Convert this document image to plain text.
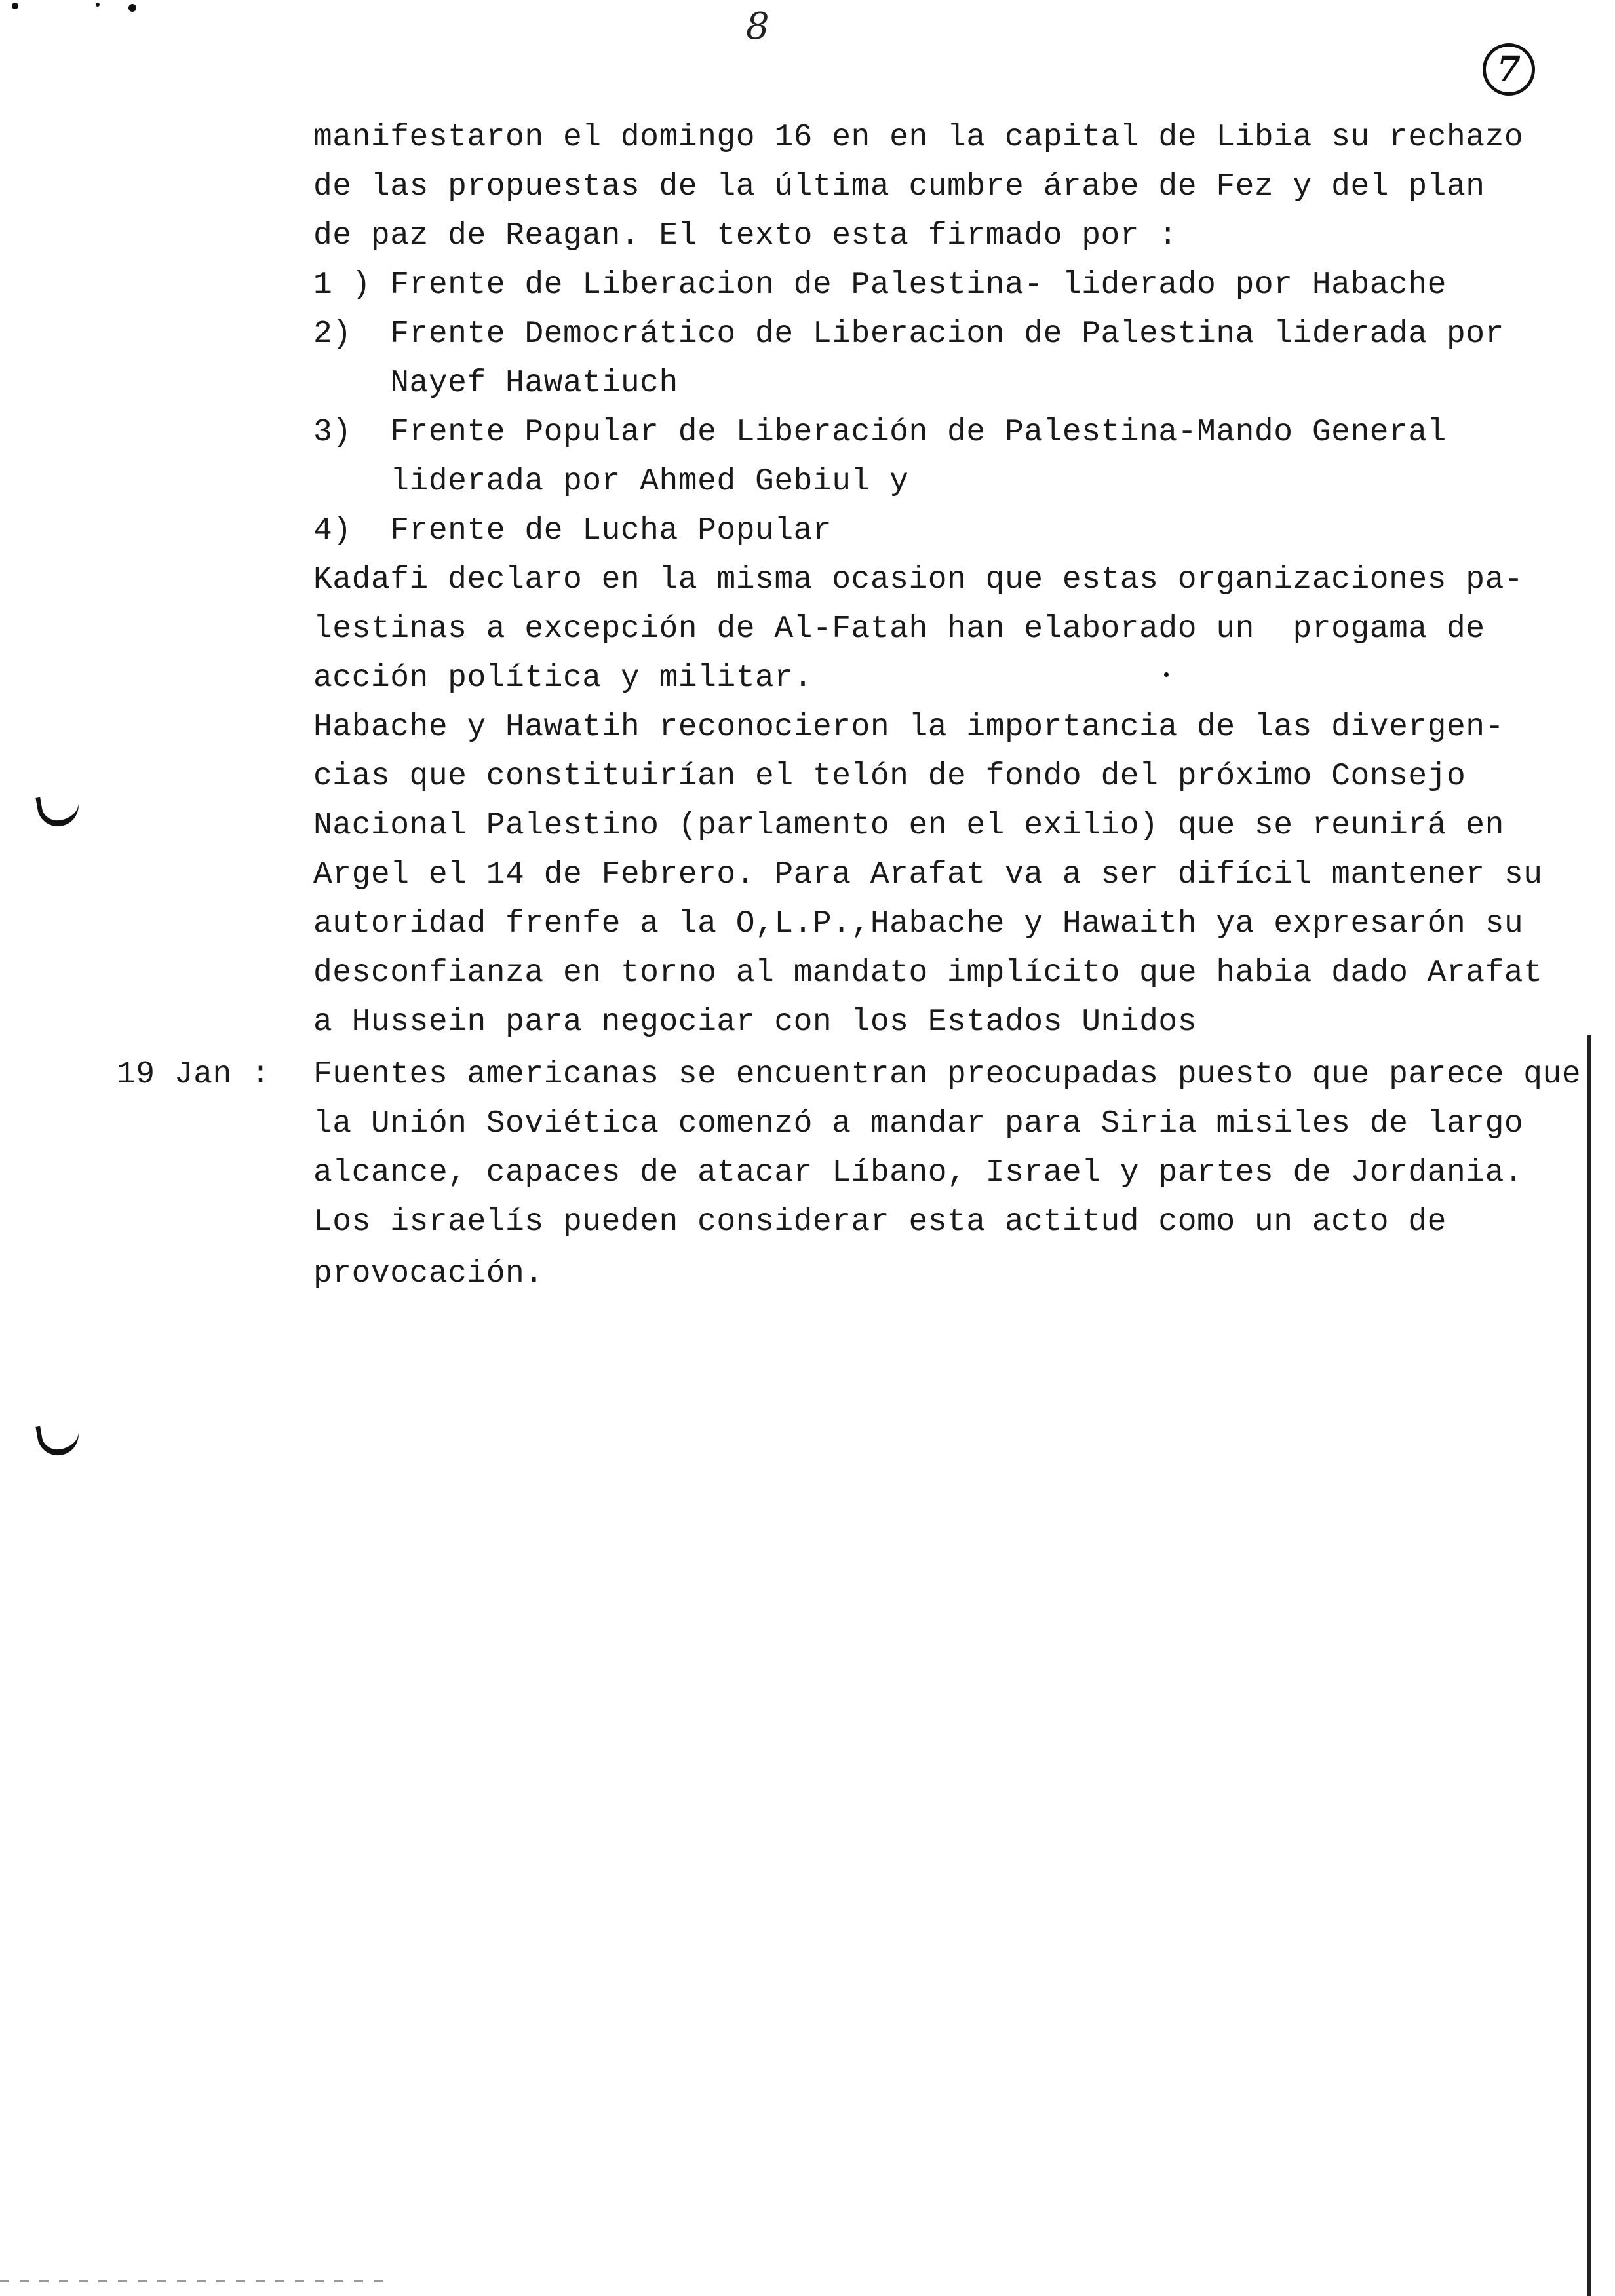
8
7
manifestaron el domingo 16 en en la capital de Libia su rechazo
de las propuestas de la última cumbre árabe de Fez y del plan
de paz de Reagan. El texto esta firmado por :
1 ) Frente de Liberacion de Palestina- liderado por Habache
2)  Frente Democrático de Liberacion de Palestina liderada por
Nayef Hawatiuch
3)  Frente Popular de Liberación de Palestina-Mando General
liderada por Ahmed Gebiul y
4)  Frente de Lucha Popular
Kadafi declaro en la misma ocasion que estas organizaciones pa-
lestinas a excepción de Al-Fatah han elaborado un  progama de
acción política y militar.
Habache y Hawatih reconocieron la importancia de las divergen-
cias que constituirían el telón de fondo del próximo Consejo
Nacional Palestino (parlamento en el exilio) que se reunirá en
Argel el 14 de Febrero. Para Arafat va a ser difícil mantener su
autoridad frenfe a la O,L.P.,Habache y Hawaith ya expresarón su
desconfianza en torno al mandato implícito que habia dado Arafat
a Hussein para negociar con los Estados Unidos
19 Jan : Fuentes americanas se encuentran preocupadas puesto que parece que
la Unión Soviética comenzó a mandar para Siria misiles de largo
alcance, capaces de atacar Líbano, Israel y partes de Jordania.
Los israelís pueden considerar esta actitud como un acto de
provocación.
